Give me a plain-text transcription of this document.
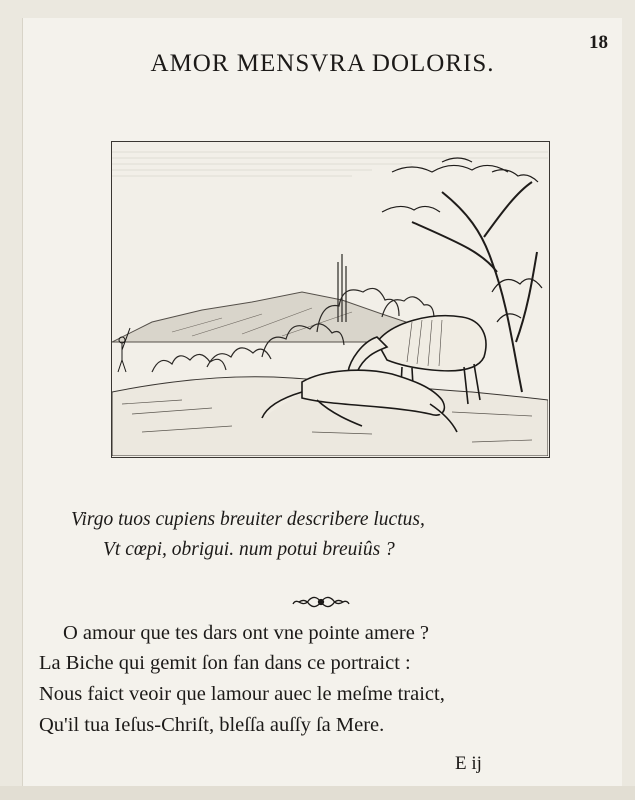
18
AMOR MENSVRA DOLORIS.
Virgo tuos cupiens breuiter describere luctus,
Vt cœpi, obrigui. num potui breuiûs ?
O amour que tes dars ont vne pointe amere ?
La Biche qui gemit ſon fan dans ce portraict :
Nous faict veoir que lamour auec le meſme traict,
Qu'il tua Ieſus-Chriſt, bleſſa auſſy ſa Mere.
E ij
